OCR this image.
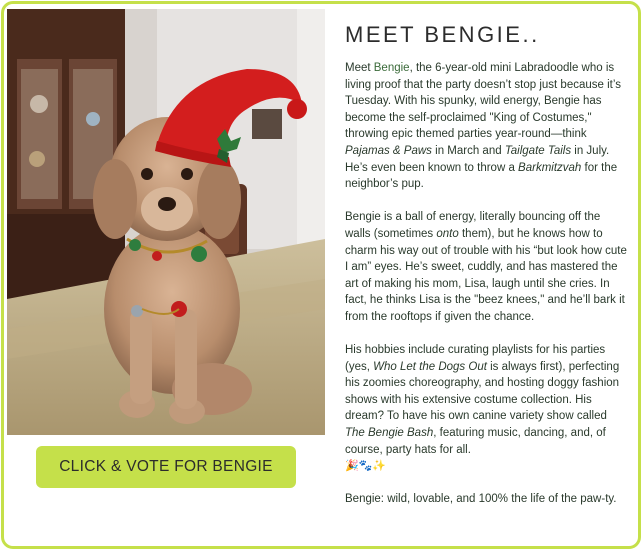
CLICK & VOTE FOR BENGIE
MEET BENGIE..

Meet Bengie, the 6-year-old mini Labradoodle who is living proof that the party doesn’t stop just because it’s Tuesday. With his spunky, wild energy, Bengie has become the self-proclaimed "King of Costumes," throwing epic themed parties year-round—think Pajamas & Paws in March and Tailgate Tails in July. He’s even been known to throw a Barkmitzvah for the neighbor’s pup.

Bengie is a ball of energy, literally bouncing off the walls (sometimes onto them), but he knows how to charm his way out of trouble with his “but look how cute I am” eyes. He’s sweet, cuddly, and has mastered the art of making his mom, Lisa, laugh until she cries. In fact, he thinks Lisa is the "beez knees," and he’ll bark it from the rooftops if given the chance.

His hobbies include curating playlists for his parties (yes, Who Let the Dogs Out is always first), perfecting his zoomies choreography, and hosting doggy fashion shows with his extensive costume collection. His dream? To have his own canine variety show called The Bengie Bash, featuring music, dancing, and, of course, party hats for all.
🎉🐾✨

Bengie: wild, lovable, and 100% the life of the paw-ty.
